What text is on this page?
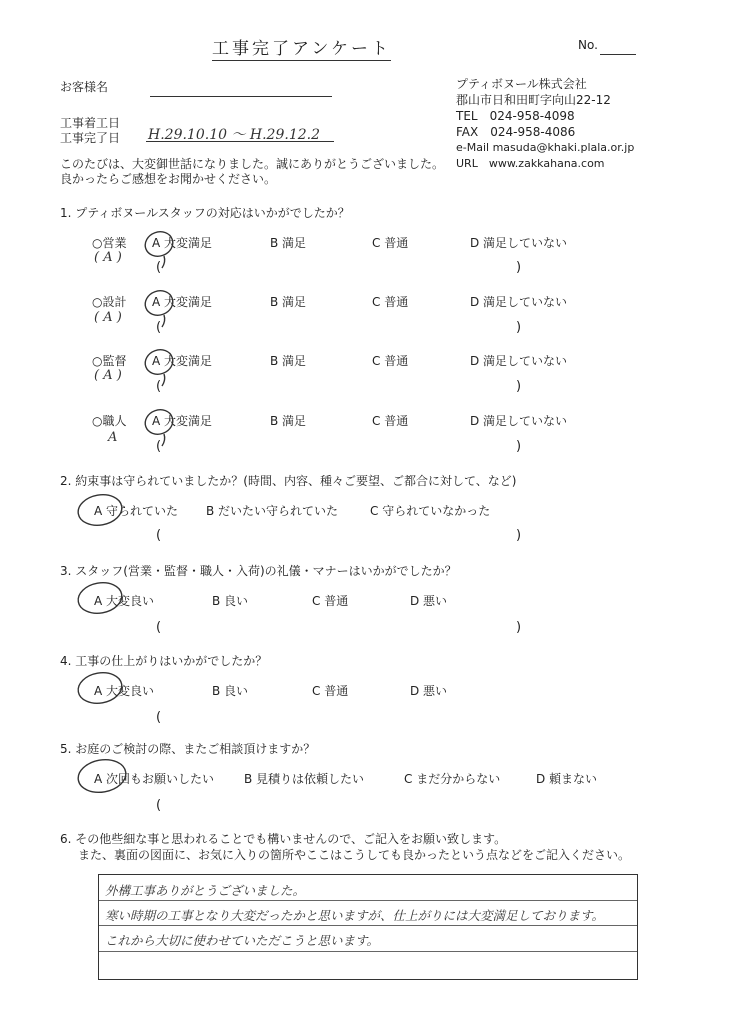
工事完了アンケート	No.
お客様名	プティボヌール株式会社
郡山市日和田町字向山22-12
TEL　024-958-4098
FAX　024-958-4086
e-Mail masuda@khaki.plala.or.jp
URL　www.zakkahana.com
工事着工日
工事完了日 H.29.10.10 ～ H.29.12.2
このたびは、大変御世話になりました。誠にありがとうございました。
良かったらご感想をお聞かせください。
1. プティボヌールスタッフの対応はいかがでしたか？
○営業 A 大変満足	B 満足	C 普通	D 満足していない
( A )
(	)
○設計 A 大変満足	B 満足	C 普通	D 満足していない
( A )
(	)
○監督 A 大変満足	B 満足	C 普通	D 満足していない
( A )
(	)
○職人 A 大変満足	B 満足	C 普通	D 満足していない
A
(	)
2. 約束事は守られていましたか？(時間、内容、種々ご要望、ご都合に対して、など)
A 守られていた B だいたい守られていた	C 守られていなかった
(	)
3. スタッフ(営業・監督・職人・入荷)の礼儀・マナーはいかがでしたか？
A 大変良い	B 良い	C 普通	D 悪い
(	)
4. 工事の仕上がりはいかがでしたか？
A 大変良い	B 良い	C 普通	D 悪い
(
5. お庭のご検討の際、またご相談頂けますか？
A 次回もお願いしたい B 見積りは依頼したい	C まだ分からない	D 頼まない
(
6. その他些細な事と思われることでも構いませんので、ご記入をお願い致します。
また、裏面の図面に、お気に入りの箇所やここはこうしても良かったという点などをご記入ください。
外構工事ありがとうございました。
寒い時期の工事となり大変だったかと思いますが、仕上がりには大変満足しております。
これから大切に使わせていただこうと思います。
